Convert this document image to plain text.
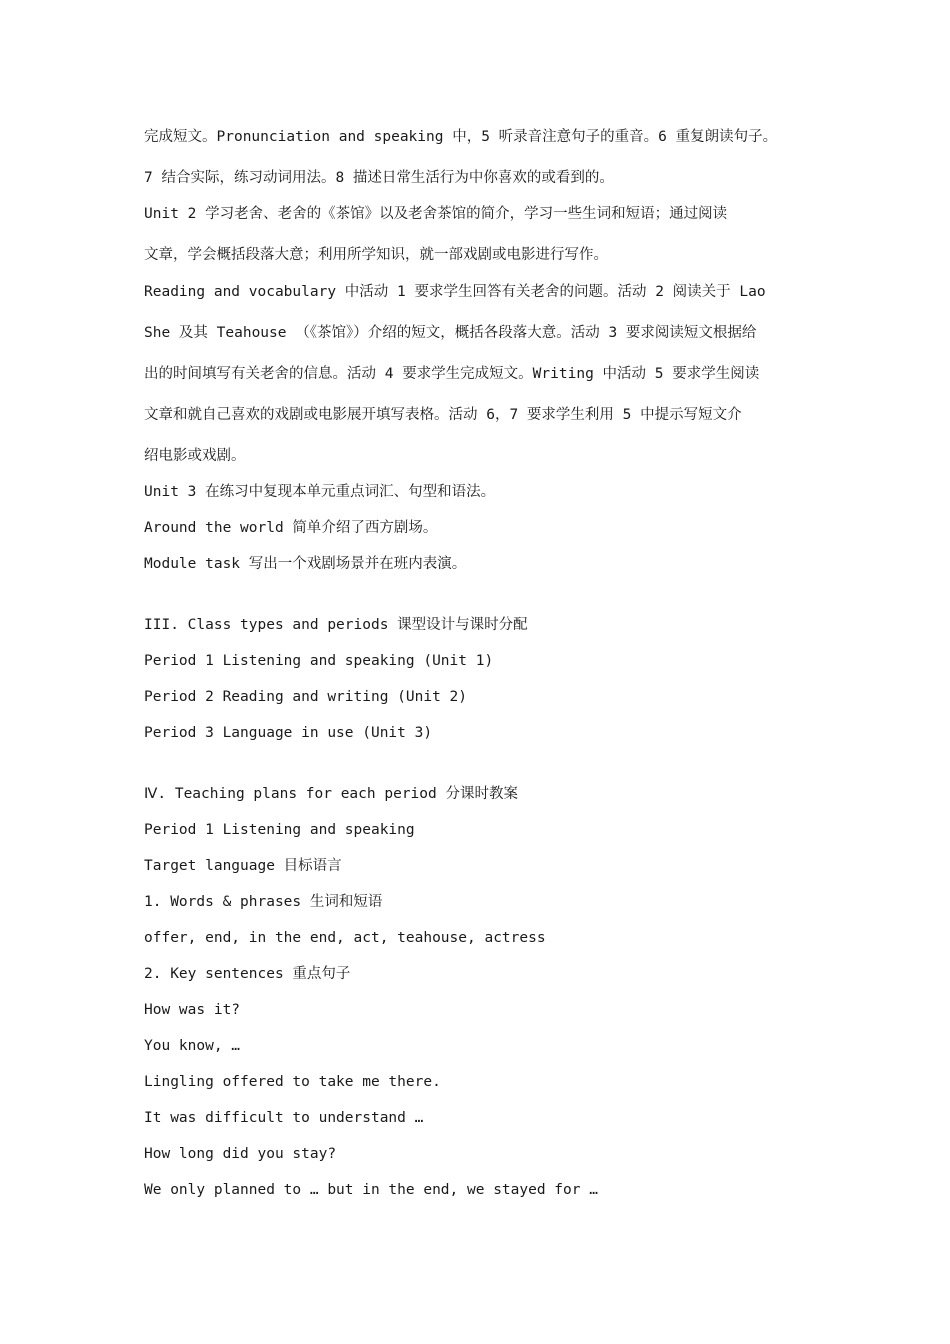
完成短文。Pronunciation and speaking 中，5 听录音注意句子的重音。6 重复朗读句子。
7 结合实际，练习动词用法。8 描述日常生活行为中你喜欢的或看到的。
Unit 2 学习老舍、老舍的《茶馆》以及老舍茶馆的简介，学习一些生词和短语；通过阅读
文章，学会概括段落大意；利用所学知识，就一部戏剧或电影进行写作。
Reading and vocabulary 中活动 1 要求学生回答有关老舍的问题。活动 2 阅读关于 Lao
She 及其 Teahouse （《茶馆》）介绍的短文，概括各段落大意。活动 3 要求阅读短文根据给
出的时间填写有关老舍的信息。活动 4 要求学生完成短文。Writing 中活动 5 要求学生阅读
文章和就自己喜欢的戏剧或电影展开填写表格。活动 6，7 要求学生利用 5 中提示写短文介
绍电影或戏剧。
Unit 3 在练习中复现本单元重点词汇、句型和语法。
Around the world 简单介绍了西方剧场。
Module task 写出一个戏剧场景并在班内表演。
III. Class types and periods 课型设计与课时分配
Period 1 Listening and speaking (Unit 1)
Period 2 Reading and writing (Unit 2)
Period 3 Language in use (Unit 3)
Ⅳ. Teaching plans for each period 分课时教案
Period 1 Listening and speaking
Target language 目标语言
1. Words & phrases 生词和短语
offer, end, in the end, act, teahouse, actress
2. Key sentences 重点句子
How was it?
You know, …
Lingling offered to take me there.
It was difficult to understand …
How long did you stay?
We only planned to … but in the end, we stayed for …
